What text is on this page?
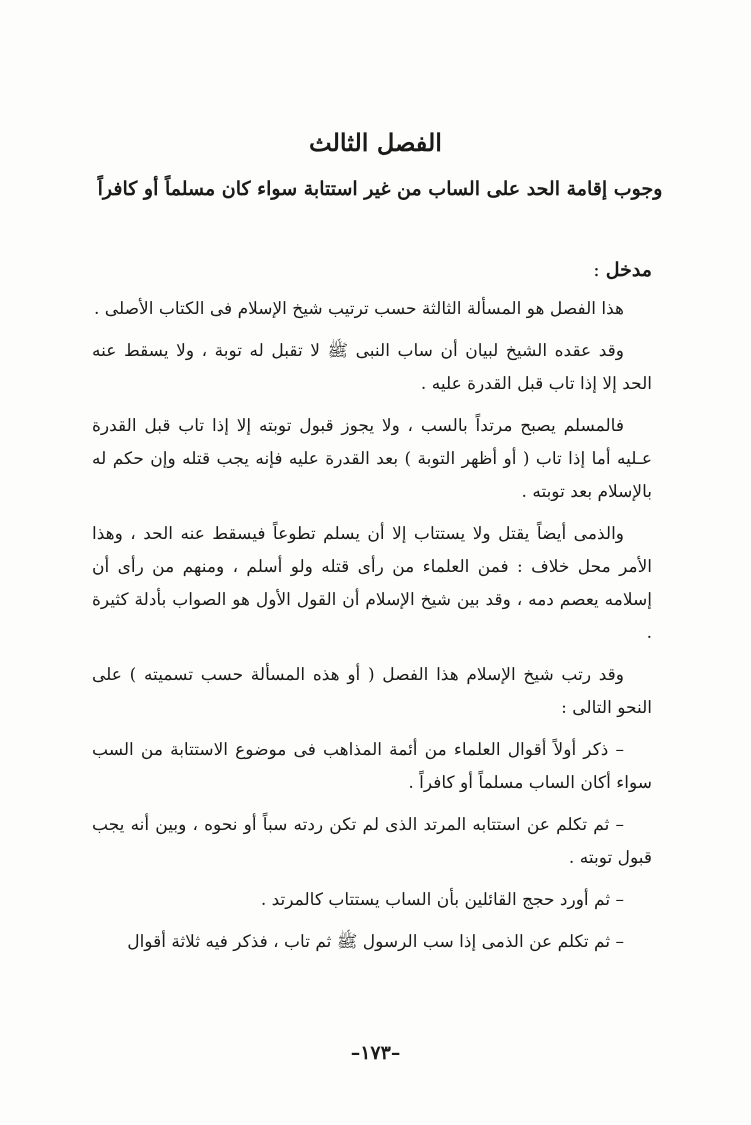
الفصل الثالث
وجوب إقامة الحد على الساب من غير استتابة سواء كان مسلماً أو كافراً

مدخل :

هذا الفصل هو المسألة الثالثة حسب ترتيب شيخ الإسلام فى الكتاب الأصلى .

وقد عقده الشيخ لبيان أن ساب النبى ﷺ لا تقبل له توبة ، ولا يسقط عنه الحد إلا إذا تاب قبل القدرة عليه .

فالمسلم يصبح مرتداً بالسب ، ولا يجوز قبول توبته إلا إذا تاب قبل القدرة عـليه أما إذا تاب ( أو أظهر التوبة ) بعد القدرة عليه فإنه يجب قتله وإن حكم له بالإسلام بعد توبته .

والذمى أيضاً يقتل ولا يستتاب إلا أن يسلم تطوعاً فيسقط عنه الحد ، وهذا الأمر محل خلاف : فمن العلماء من رأى قتله ولو أسلم ، ومنهم من رأى أن إسلامه يعصم دمه ، وقد بين شيخ الإسلام أن القول الأول هو الصواب بأدلة كثيرة .

وقد رتب شيخ الإسلام هذا الفصل ( أو هذه المسألة حسب تسميته ) على النحو التالى :

– ذكر أولاً أقوال العلماء من أئمة المذاهب فى موضوع الاستتابة من السب سواء أكان الساب مسلماً أو كافراً .

– ثم تكلم عن استتابه المرتد الذى لم تكن ردته سباً أو نحوه ، وبين أنه يجب قبول توبته .

– ثم أورد حجج القائلين بأن الساب يستتاب كالمرتد .

– ثم تكلم عن الذمى إذا سب الرسول ﷺ ثم تاب ، فذكر فيه ثلاثة أقوال

–١٧٣–
